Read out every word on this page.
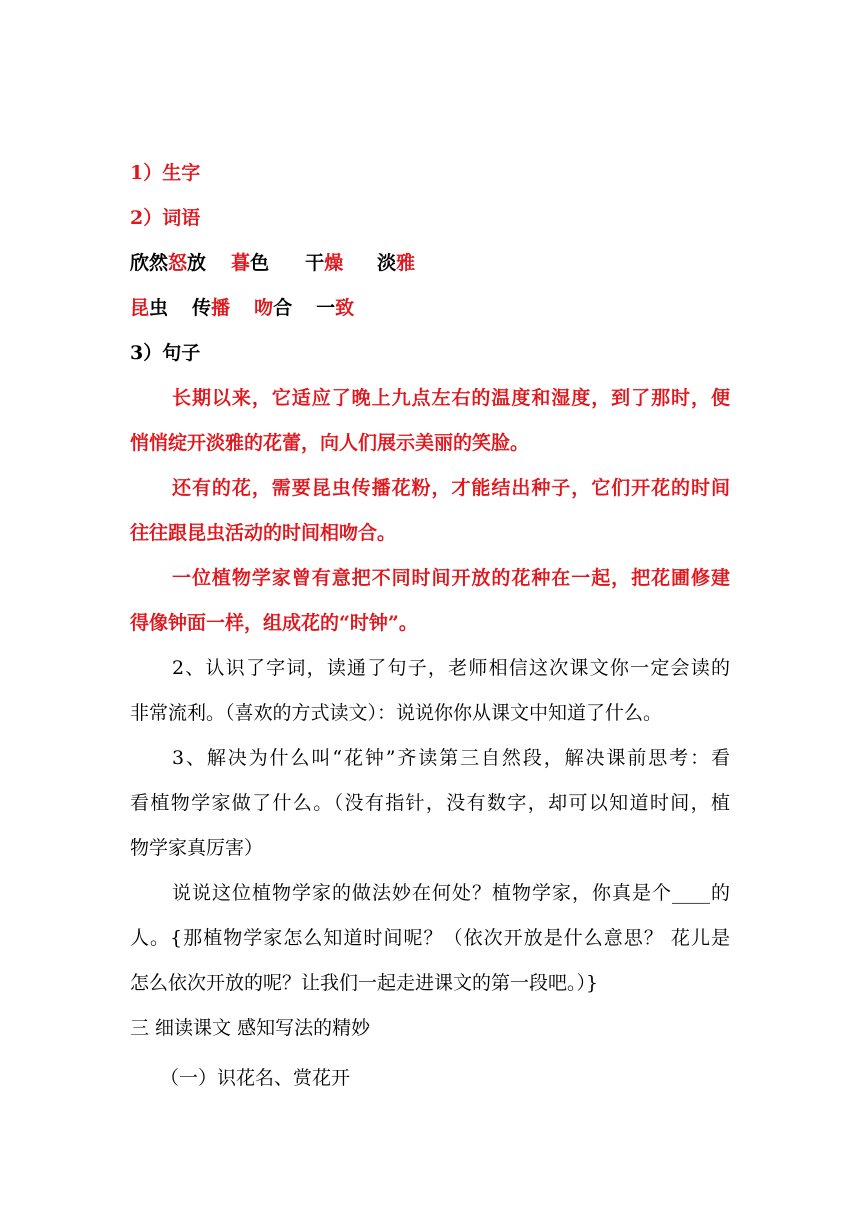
1）生字
2）词语
欣然怒放 暮色 干燥 淡雅
昆虫 传播 吻合 一致
3）句子
长期以来，它适应了晚上九点左右的温度和湿度，到了那时，便
悄悄绽开淡雅的花蕾，向人们展示美丽的笑脸。
还有的花，需要昆虫传播花粉，才能结出种子，它们开花的时间
往往跟昆虫活动的时间相吻合。
一位植物学家曾有意把不同时间开放的花种在一起，把花圃修建
得像钟面一样，组成花的“时钟”。
2、认识了字词，读通了句子，老师相信这次课文你一定会读的
非常流利。（喜欢的方式读文）：说说你你从课文中知道了什么。
3、解决为什么叫“花钟”齐读第三自然段，解决课前思考：看
看植物学家做了什么。（没有指针，没有数字，却可以知道时间，植
物学家真厉害）
说说这位植物学家的做法妙在何处？植物学家，你真是个____的
人。{那植物学家怎么知道时间呢？（依次开放是什么意思？ 花儿是
怎么依次开放的呢？让我们一起走进课文的第一段吧。）}
三 细读课文 感知写法的精妙
（一）识花名、赏花开
